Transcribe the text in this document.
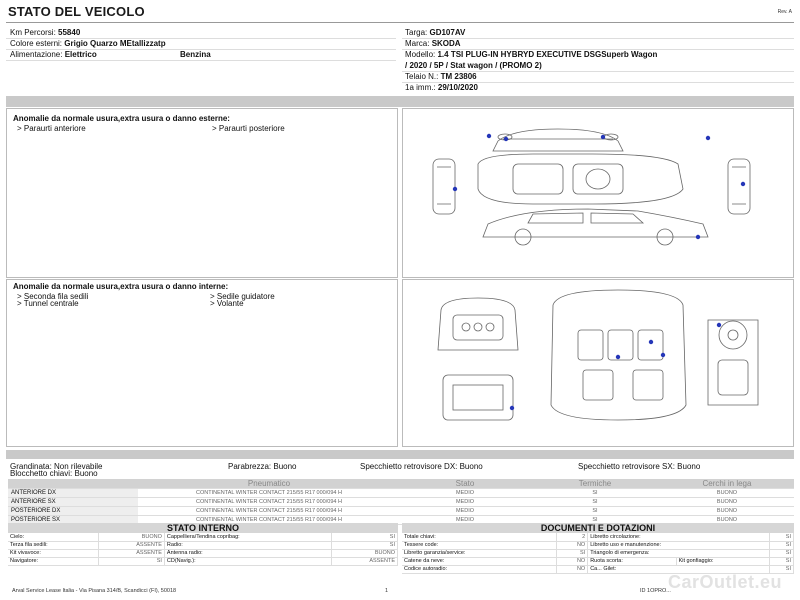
STATO DEL VEICOLO	Rev. A
Km Percorsi: 55840
Colore esterni: Grigio Quarzo MEtallizzatp
Alimentazione: Elettrico	Benzina
Targa: GD107AV
Marca: SKODA
Modello: 1.4 TSI PLUG-IN HYBRYD EXECUTIVE DSGSuperb Wagon
/ 2020 / 5P / Stat wagon / (PROMO 2)
Telaio N.: TM 23806
1a imm.: 29/10/2020
Anomalie da normale usura,extra usura o danno esterne:
> Paraurti anteriore	> Paraurti posteriore
Anomalie da normale usura,extra usura o danno interne:
> Seconda fila sedili	> Sedile guidatore
> Tunnel centrale	> Volante
Grandinata: Non rilevabile	Parabrezza: Buono	Specchietto retrovisore DX: Buono	Specchietto retrovisore SX: Buono
Blocchetto chiavi: Buono
	Pneumatico	Stato	Termiche	Cerchi in lega
ANTERIORE DX	CONTINENTAL WINTER CONTACT 215/55 R17 000/094 H	MEDIO	SI	BUONO
ANTERIORE SX	CONTINENTAL WINTER CONTACT 215/55 R17 000/094 H	MEDIO	SI	BUONO
POSTERIORE DX	CONTINENTAL WINTER CONTACT 215/55 R17 000/094 H	MEDIO	SI	BUONO
POSTERIORE SX	CONTINENTAL WINTER CONTACT 215/55 R17 000/094 H	MEDIO	SI	BUONO
STATO INTERNO
Cielo:	BUONO	Cappelliera/Tendina copribag:	SI
Terza fila sedili:	ASSENTE	Radio:	SI
Kit vivavoce:	ASSENTE	Antenna radio:	BUONO
Navigatore:	SI	CD(Navig.):	ASSENTE
DOCUMENTI E DOTAZIONI
Totale chiavi:	2	Libretto circolazione:		SI
Tessere code:	NO	Libretto uso e manutenzione:		SI
Libretto garanzia/service:	SI	Triangolo di emergenza:		SI
Catene da neve:	NO	Ruota scorta:	Kit gonfiaggio:	SI
Codice autoradio:	NO	Ca... Gilet:		SI
Arval Service Lease Italia - Via Pisana 314/B, Scandicci (FI), 50018	1	ID 1OPRO...
CarOutlet.eu
